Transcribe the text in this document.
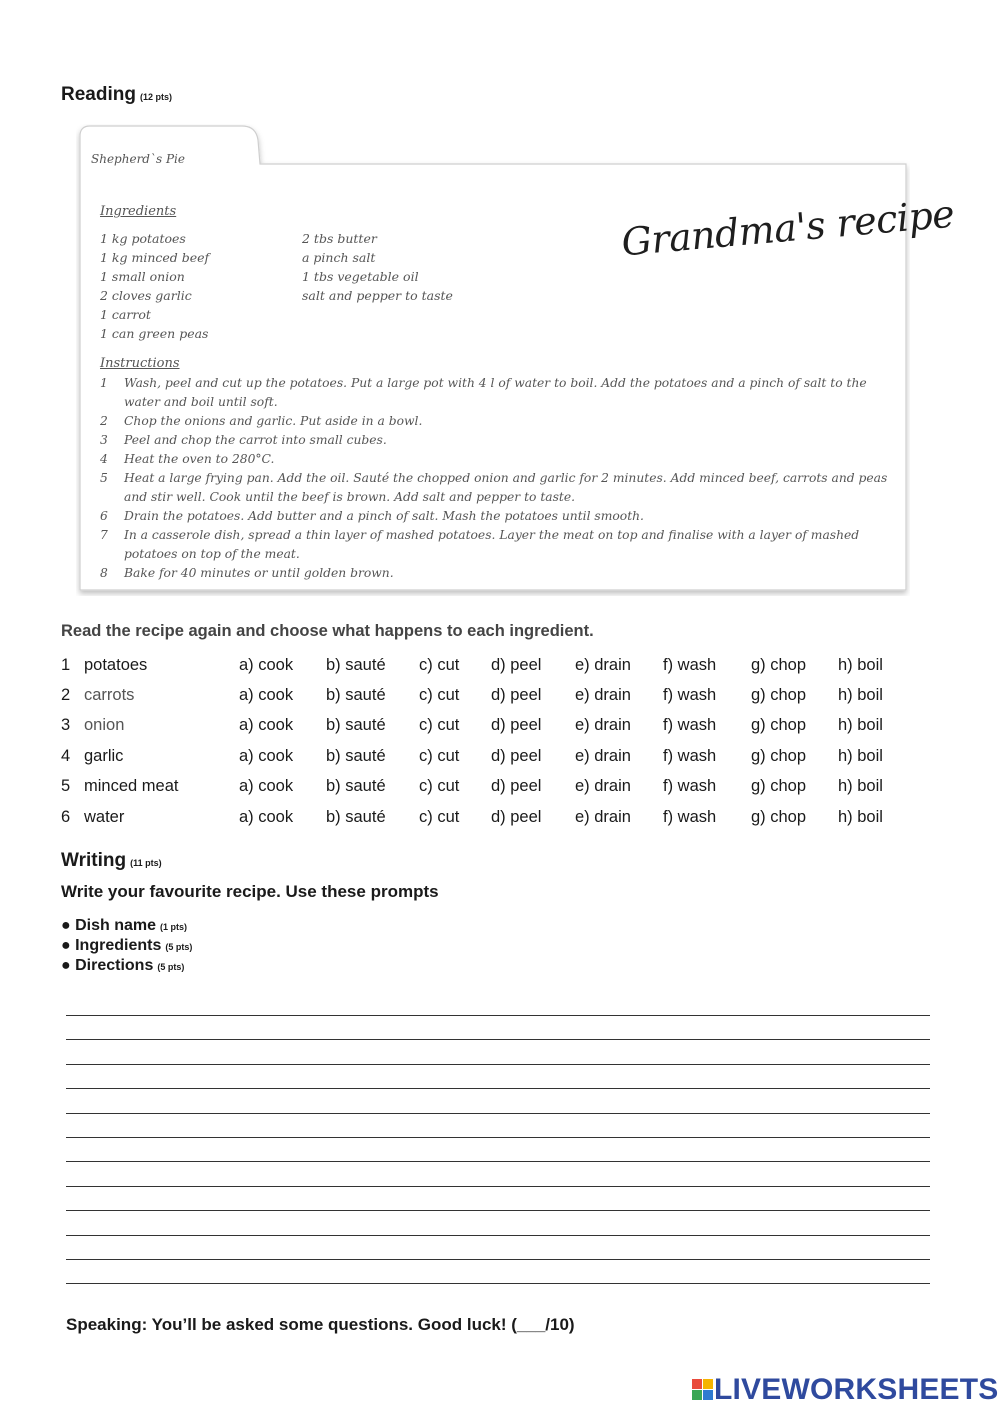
Reading (12 pts)
Shepherd`s Pie
Ingredients
1 kg potatoes
1 kg minced beef
1 small onion
2 cloves garlic
1 carrot
1 can green peas
2 tbs butter
a pinch salt
1 tbs vegetable oil
salt and pepper to taste
Grandma's recipe
Instructions
1	Wash, peel and cut up the potatoes. Put a large pot with 4 l of water to boil. Add the potatoes and a pinch of salt to the water and boil until soft.
2	Chop the onions and garlic. Put aside in a bowl.
3	Peel and chop the carrot into small cubes.
4	Heat the oven to 280°C.
5	Heat a large frying pan. Add the oil. Sauté the chopped onion and garlic for 2 minutes. Add minced beef, carrots and peas and stir well. Cook until the beef is brown. Add salt and pepper to taste.
6	Drain the potatoes. Add butter and a pinch of salt. Mash the potatoes until smooth.
7	In a casserole dish, spread a thin layer of mashed potatoes. Layer the meat on top and finalise with a layer of mashed potatoes on top of the meat.
8	Bake for 40 minutes or until golden brown.
Read the recipe again and choose what happens to each ingredient.
1 potatoes	a) cook b) sauté c) cut d) peel e) drain f) wash g) chop h) boil
2 carrots	a) cook b) sauté c) cut d) peel e) drain f) wash g) chop h) boil
3 onion	a) cook b) sauté c) cut d) peel e) drain f) wash g) chop h) boil
4 garlic	a) cook b) sauté c) cut d) peel e) drain f) wash g) chop h) boil
5 minced meat	a) cook b) sauté c) cut d) peel e) drain f) wash g) chop h) boil
6 water	a) cook b) sauté c) cut d) peel e) drain f) wash g) chop h) boil
Writing (11 pts)
Write your favourite recipe. Use these prompts
● Dish name (1 pts)
● Ingredients (5 pts)
● Directions (5 pts)
Speaking: You’ll be asked some questions. Good luck! (___/10)
LIVEWORKSHEETS
